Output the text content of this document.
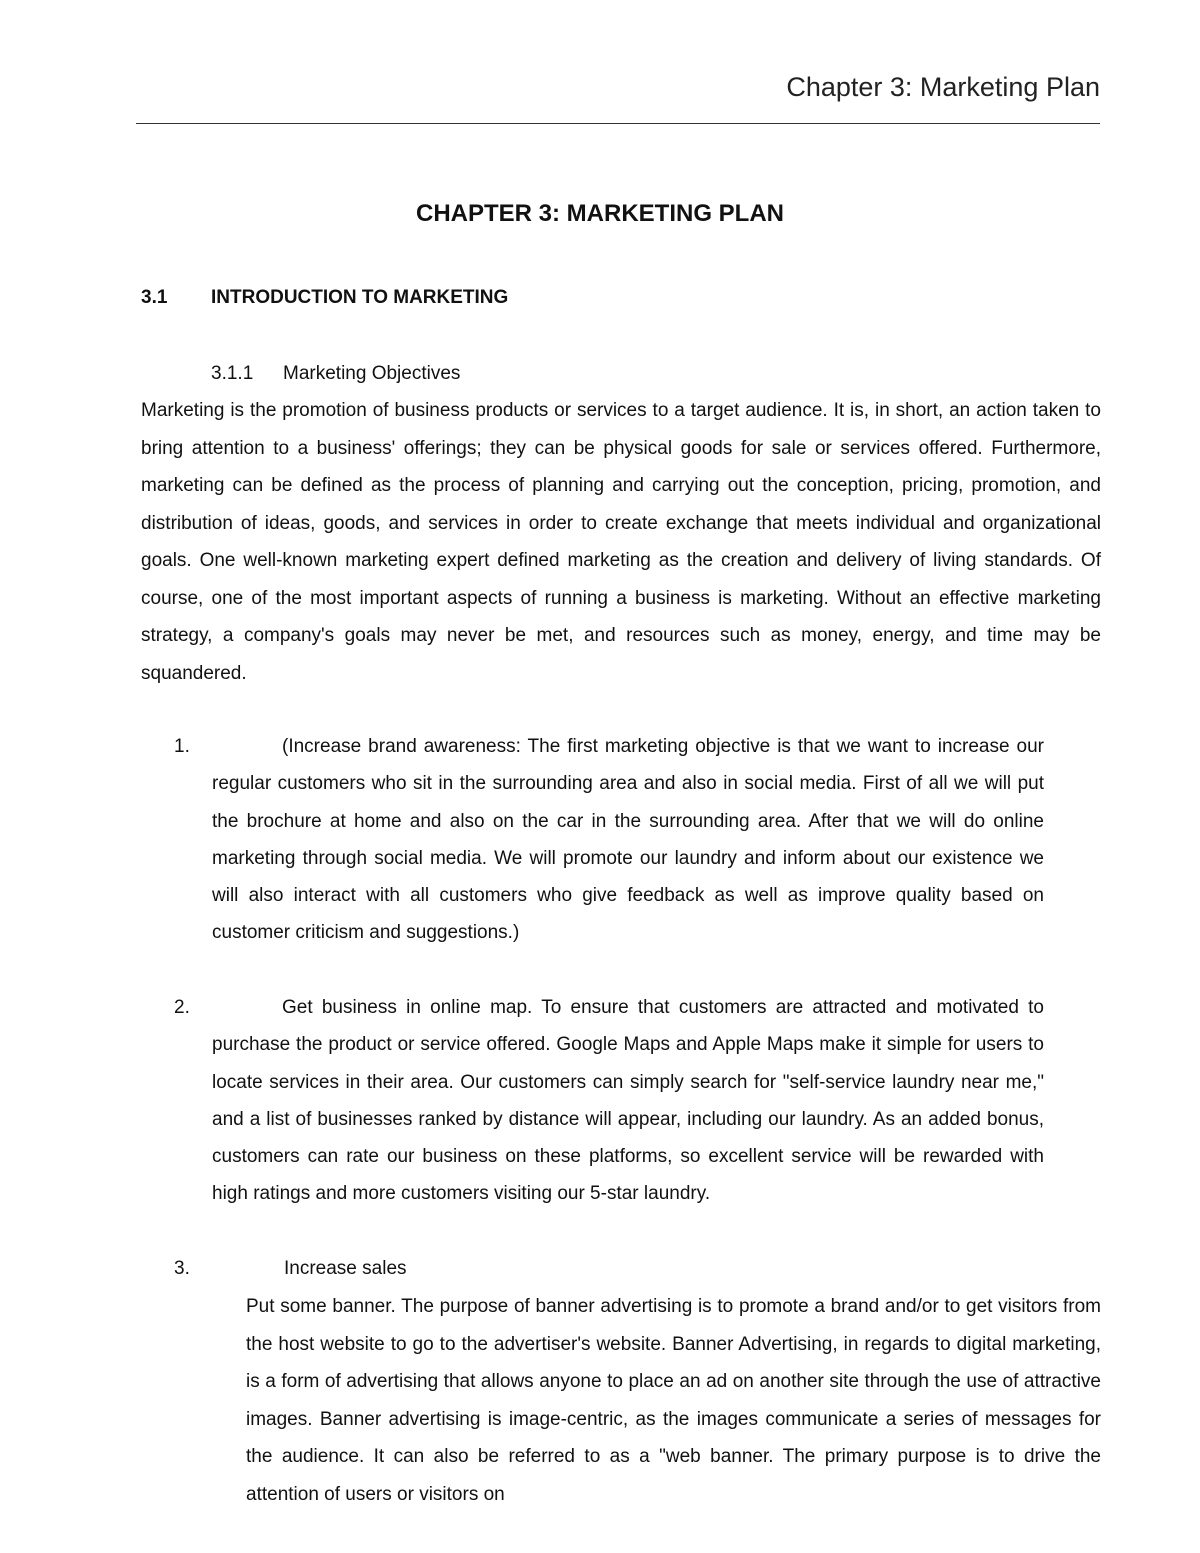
Chapter 3: Marketing Plan
CHAPTER 3: MARKETING PLAN
3.1 INTRODUCTION TO MARKETING
3.1.1 Marketing Objectives

Marketing is the promotion of business products or services to a target audience. It is, in short, an action taken to bring attention to a business' offerings; they can be physical goods for sale or services offered. Furthermore, marketing can be defined as the process of planning and carrying out the conception, pricing, promotion, and distribution of ideas, goods, and services in order to create exchange that meets individual and organizational goals. One well-known marketing expert defined marketing as the creation and delivery of living standards. Of course, one of the most important aspects of running a business is marketing. Without an effective marketing strategy, a company's goals may never be met, and resources such as money, energy, and time may be squandered.

1.	(Increase brand awareness: The first marketing objective is that we want to increase our regular customers who sit in the surrounding area and also in social media. First of all we will put the brochure at home and also on the car in the surrounding area. After that we will do online marketing through social media. We will promote our laundry and inform about our existence we will also interact with all customers who give feedback as well as improve quality based on customer criticism and suggestions.)

2.	Get business in online map. To ensure that customers are attracted and motivated to purchase the product or service offered. Google Maps and Apple Maps make it simple for users to locate services in their area. Our customers can simply search for "self-service laundry near me," and a list of businesses ranked by distance will appear, including our laundry. As an added bonus, customers can rate our business on these platforms, so excellent service will be rewarded with high ratings and more customers visiting our 5-star laundry.

3.	Increase sales

Put some banner. The purpose of banner advertising is to promote a brand and/or to get visitors from the host website to go to the advertiser's website. Banner Advertising, in regards to digital marketing, is a form of advertising that allows anyone to place an ad on another site through the use of attractive images. Banner advertising is image-centric, as the images communicate a series of messages for the audience. It can also be referred to as a "web banner. The primary purpose is to drive the attention of users or visitors on
